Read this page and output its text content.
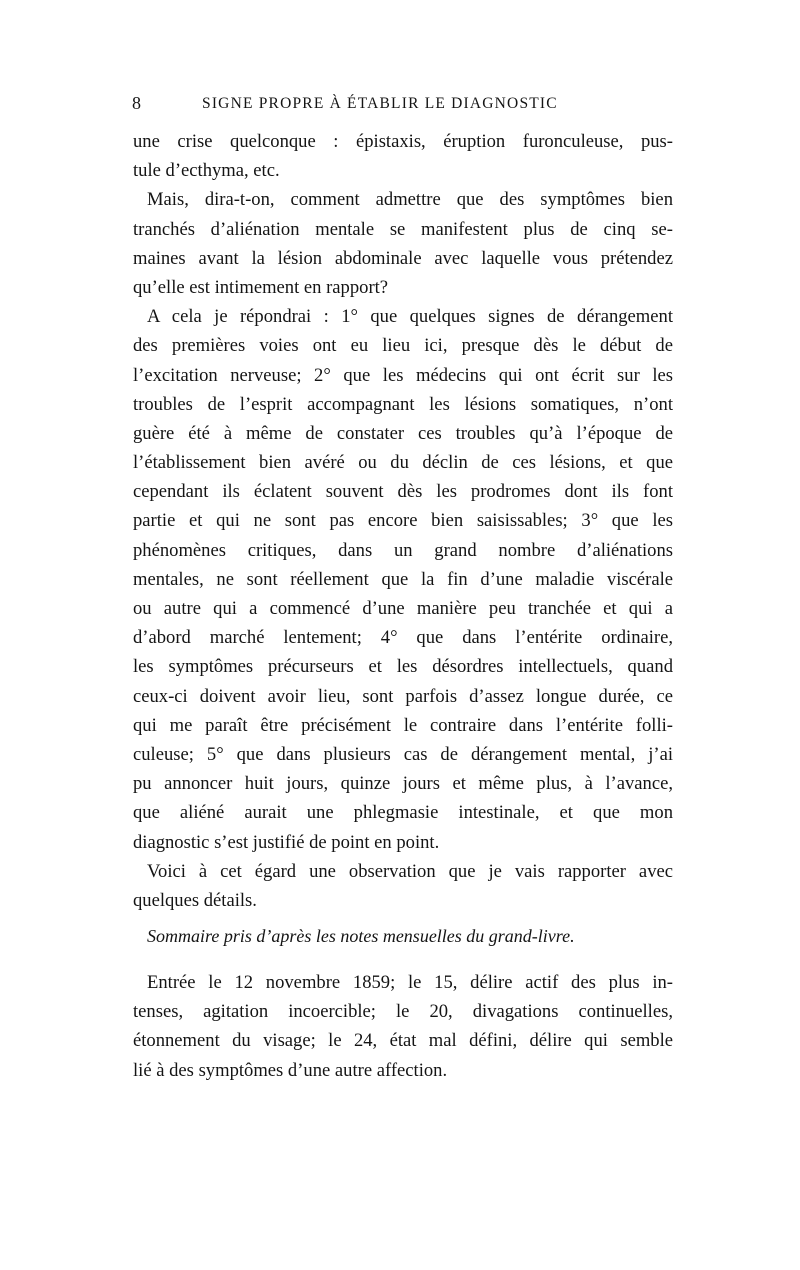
8	SIGNE PROPRE À ÉTABLIR LE DIAGNOSTIC
une crise quelconque : épistaxis, éruption furonculeuse, pus-
tule d’ecthyma, etc.
Mais, dira-t-on, comment admettre que des symptômes bien
tranchés d’aliénation mentale se manifestent plus de cinq se-
maines avant la lésion abdominale avec laquelle vous prétendez
qu’elle est intimement en rapport?
A cela je répondrai : 1° que quelques signes de dérangement
des premières voies ont eu lieu ici, presque dès le début de
l’excitation nerveuse; 2° que les médecins qui ont écrit sur les
troubles de l’esprit accompagnant les lésions somatiques, n’ont
guère été à même de constater ces troubles qu’à l’époque de
l’établissement bien avéré ou du déclin de ces lésions, et que
cependant ils éclatent souvent dès les prodromes dont ils font
partie et qui ne sont pas encore bien saisissables; 3° que les
phénomènes critiques, dans un grand nombre d’aliénations
mentales, ne sont réellement que la fin d’une maladie viscérale
ou autre qui a commencé d’une manière peu tranchée et qui a
d’abord marché lentement; 4° que dans l’entérite ordinaire,
les symptômes précurseurs et les désordres intellectuels, quand
ceux-ci doivent avoir lieu, sont parfois d’assez longue durée, ce
qui me paraît être précisément le contraire dans l’entérite folli-
culeuse; 5° que dans plusieurs cas de dérangement mental, j’ai
pu annoncer huit jours, quinze jours et même plus, à l’avance,
que aliéné aurait une phlegmasie intestinale, et que mon
diagnostic s’est justifié de point en point.
Voici à cet égard une observation que je vais rapporter avec
quelques détails.
Sommaire pris d’après les notes mensuelles du grand-livre.
Entrée le 12 novembre 1859; le 15, délire actif des plus in-
tenses, agitation incoercible; le 20, divagations continuelles,
étonnement du visage; le 24, état mal défini, délire qui semble
lié à des symptômes d’une autre affection.
